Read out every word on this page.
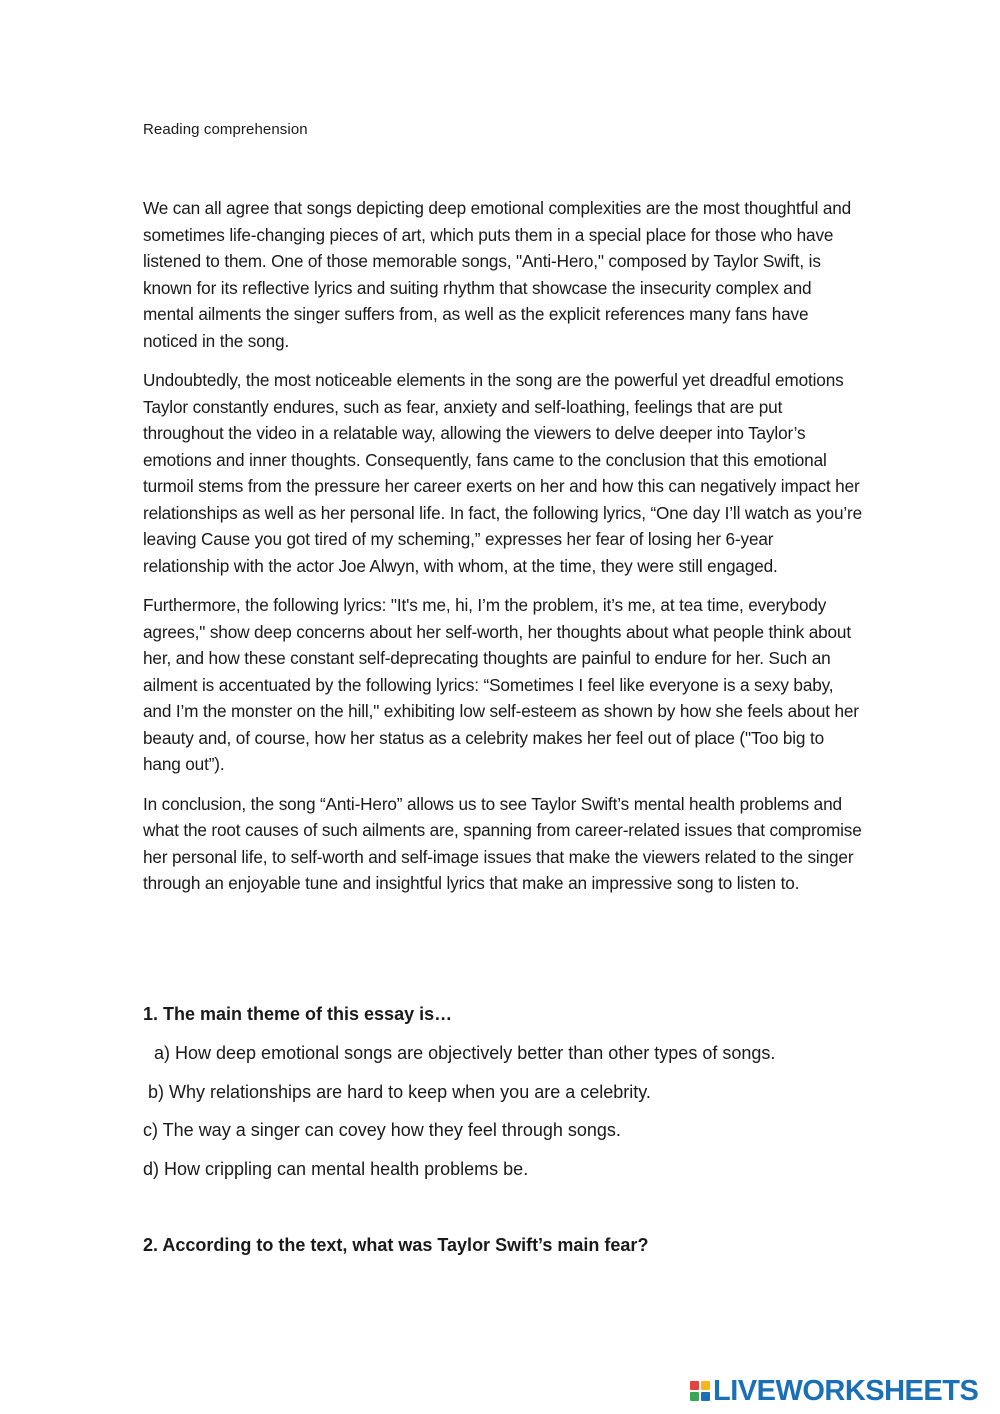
Reading comprehension

We can all agree that songs depicting deep emotional complexities are the most thoughtful and sometimes life-changing pieces of art, which puts them in a special place for those who have listened to them. One of those memorable songs, "Anti-Hero," composed by Taylor Swift, is known for its reflective lyrics and suiting rhythm that showcase the insecurity complex and mental ailments the singer suffers from, as well as the explicit references many fans have noticed in the song.

Undoubtedly, the most noticeable elements in the song are the powerful yet dreadful emotions Taylor constantly endures, such as fear, anxiety and self-loathing, feelings that are put throughout the video in a relatable way, allowing the viewers to delve deeper into Taylor’s emotions and inner thoughts. Consequently, fans came to the conclusion that this emotional turmoil stems from the pressure her career exerts on her and how this can negatively impact her relationships as well as her personal life. In fact, the following lyrics, “One day I’ll watch as you’re leaving Cause you got tired of my scheming,” expresses her fear of losing her 6-year relationship with the actor Joe Alwyn, with whom, at the time, they were still engaged.

Furthermore, the following lyrics: "It's me, hi, I’m the problem, it’s me, at tea time, everybody agrees," show deep concerns about her self-worth, her thoughts about what people think about her, and how these constant self-deprecating thoughts are painful to endure for her. Such an ailment is accentuated by the following lyrics: “Sometimes I feel like everyone is a sexy baby, and I’m the monster on the hill," exhibiting low self-esteem as shown by how she feels about her beauty and, of course, how her status as a celebrity makes her feel out of place ("Too big to hang out”).

In conclusion, the song “Anti-Hero” allows us to see Taylor Swift’s mental health problems and what the root causes of such ailments are, spanning from career-related issues that compromise her personal life, to self-worth and self-image issues that make the viewers related to the singer through an enjoyable tune and insightful lyrics that make an impressive song to listen to.

1. The main theme of this essay is…
a) How deep emotional songs are objectively better than other types of songs.
b) Why relationships are hard to keep when you are a celebrity.
c) The way a singer can covey how they feel through songs.
d) How crippling can mental health problems be.
2. According to the text, what was Taylor Swift’s main fear?
LIVEWORKSHEETS
